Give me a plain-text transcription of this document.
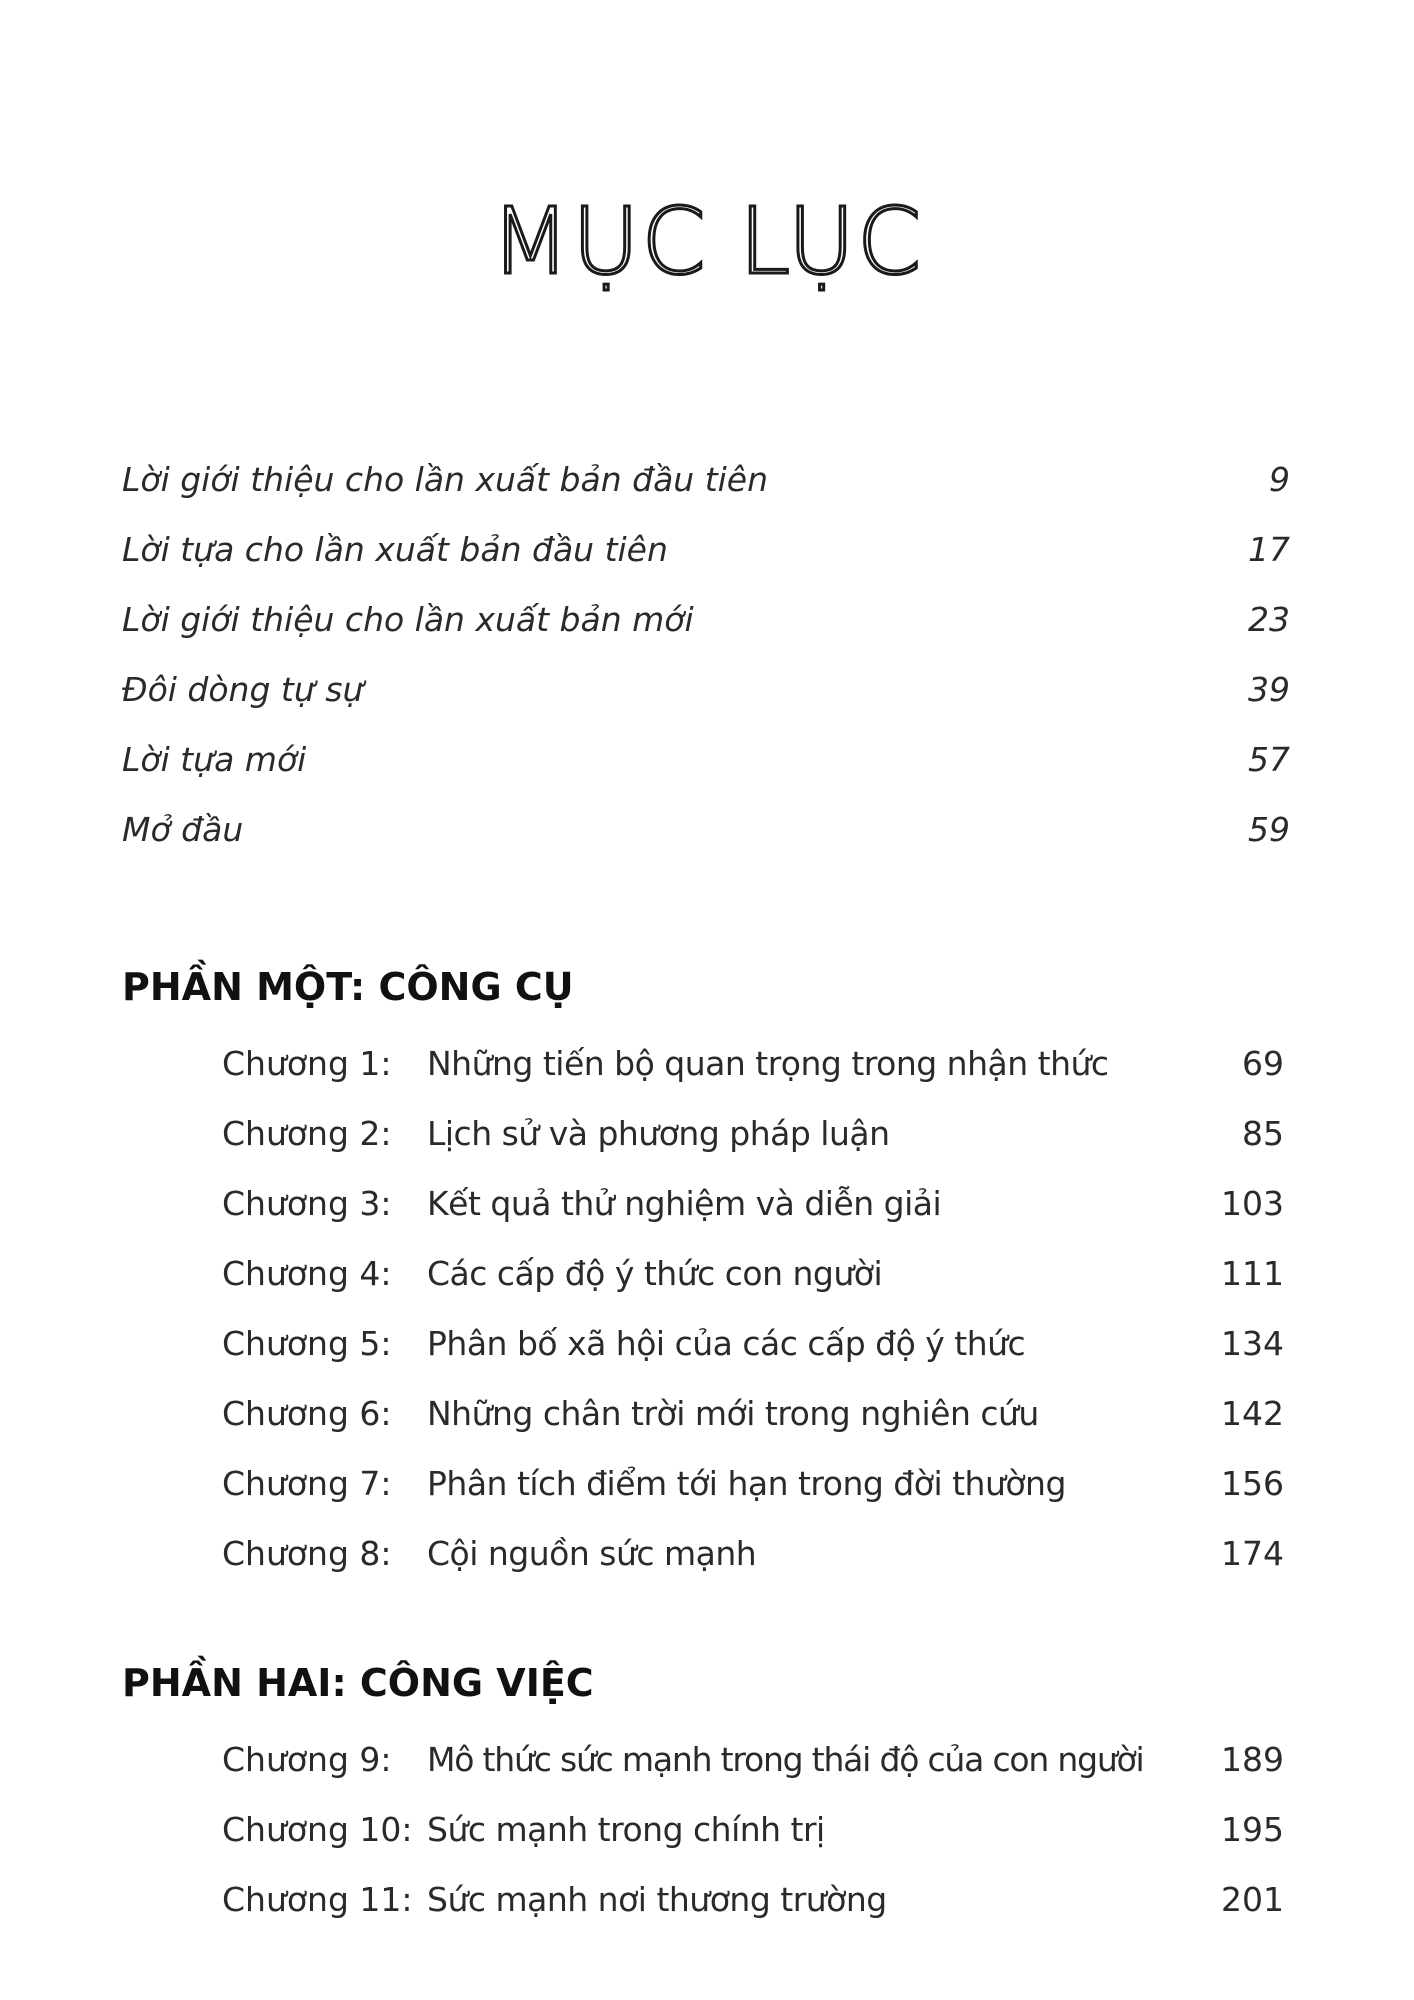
MỤC LỤC
Lời giới thiệu cho lần xuất bản đầu tiên	9
Lời tựa cho lần xuất bản đầu tiên	17
Lời giới thiệu cho lần xuất bản mới	23
Đôi dòng tự sự	39
Lời tựa mới	57
Mở đầu	59
PHẦN MỘT: CÔNG CỤ
Chương 1: Những tiến bộ quan trọng trong nhận thức	69
Chương 2: Lịch sử và phương pháp luận	85
Chương 3: Kết quả thử nghiệm và diễn giải	103
Chương 4: Các cấp độ ý thức con người	111
Chương 5: Phân bố xã hội của các cấp độ ý thức	134
Chương 6: Những chân trời mới trong nghiên cứu	142
Chương 7: Phân tích điểm tới hạn trong đời thường	156
Chương 8: Cội nguồn sức mạnh	174
PHẦN HAI: CÔNG VIỆC
Chương 9: Mô thức sức mạnh trong thái độ của con người 189
Chương 10: Sức mạnh trong chính trị	195
Chương 11: Sức mạnh nơi thương trường	201
